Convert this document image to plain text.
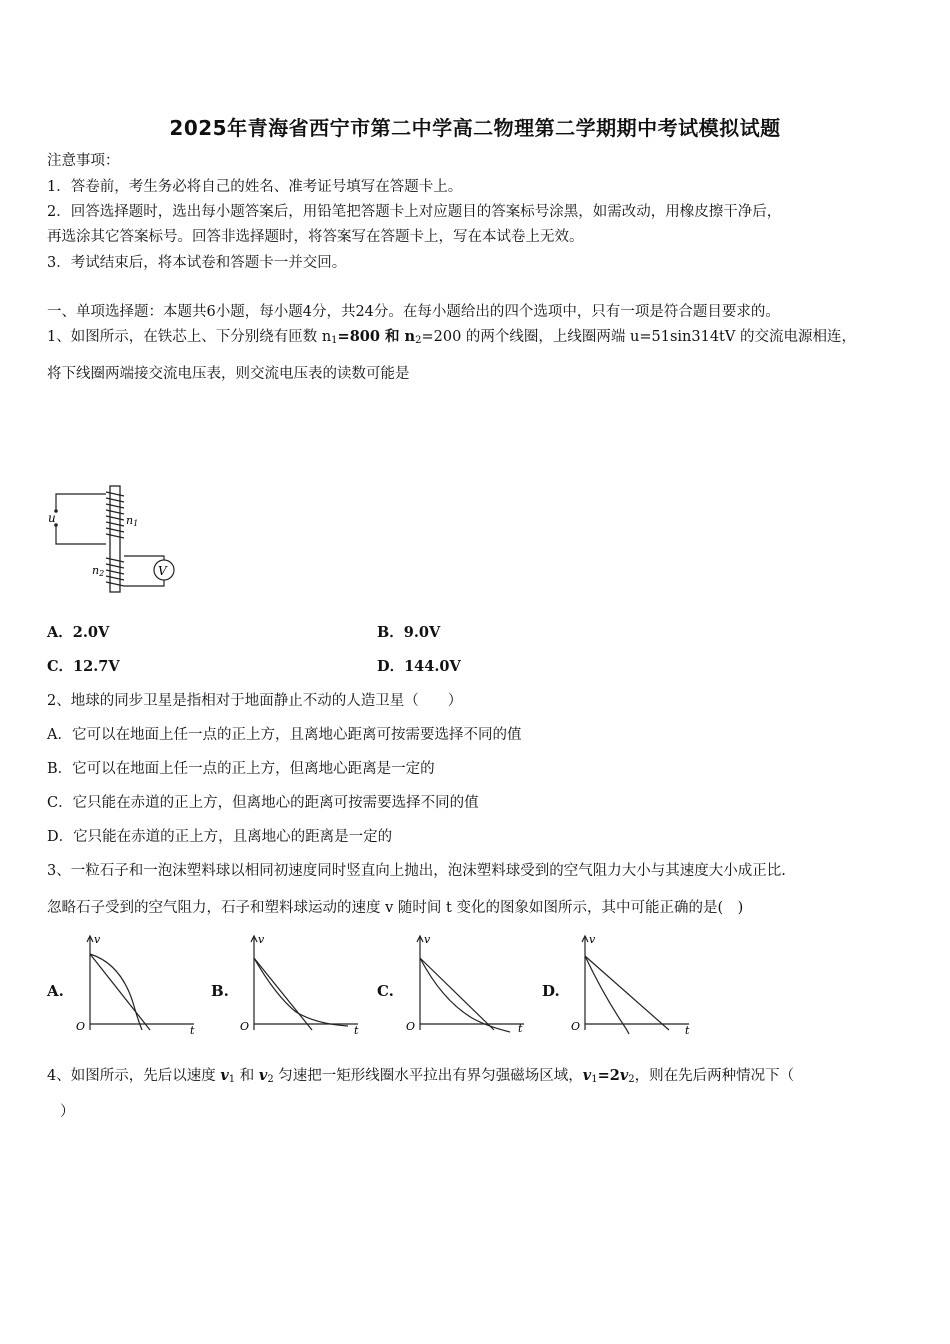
2025年青海省西宁市第二中学高二物理第二学期期中考试模拟试题
注意事项：
1．答卷前，考生务必将自己的姓名、准考证号填写在答题卡上。
2．回答选择题时，选出每小题答案后，用铅笔把答题卡上对应题目的答案标号涂黑，如需改动，用橡皮擦干净后，
再选涂其它答案标号。回答非选择题时，将答案写在答题卡上，写在本试卷上无效。
3．考试结束后，将本试卷和答题卡一并交回。
一、单项选择题：本题共6小题，每小题4分，共24分。在每小题给出的四个选项中，只有一项是符合题目要求的。
1、如图所示，在铁芯上、下分别绕有匝数 $n_1=800$ 和 $n_2=200$ 的两个线圈，上线圈两端 u=51sin314tV 的交流电源相连，
将下线圈两端接交流电压表，则交流电压表的读数可能是
u	n1
n2	V
A．2.0V	B．9.0V
C．12.7V	D．144.0V
2、地球的同步卫星是指相对于地面静止不动的人造卫星（　　）
A．它可以在地面上任一点的正上方，且离地心距离可按需要选择不同的值
B．它可以在地面上任一点的正上方，但离地心距离是一定的
C．它只能在赤道的正上方，但离地心的距离可按需要选择不同的值
D．它只能在赤道的正上方，且离地心的距离是一定的
3、一粒石子和一泡沫塑料球以相同初速度同时竖直向上抛出，泡沫塑料球受到的空气阻力大小与其速度大小成正比.
忽略石子受到的空气阻力，石子和塑料球运动的速度 v 随时间 t 变化的图象如图所示，其中可能正确的是(　)
A.
v
O	t
B.
v
O	t
C.
v
O	t
D.
v
O	t
4、如图所示，先后以速度 $v_1$ 和 $v_2$ 匀速把一矩形线圈水平拉出有界匀强磁场区域，$v_1=2v_2$，则在先后两种情况下（
）
